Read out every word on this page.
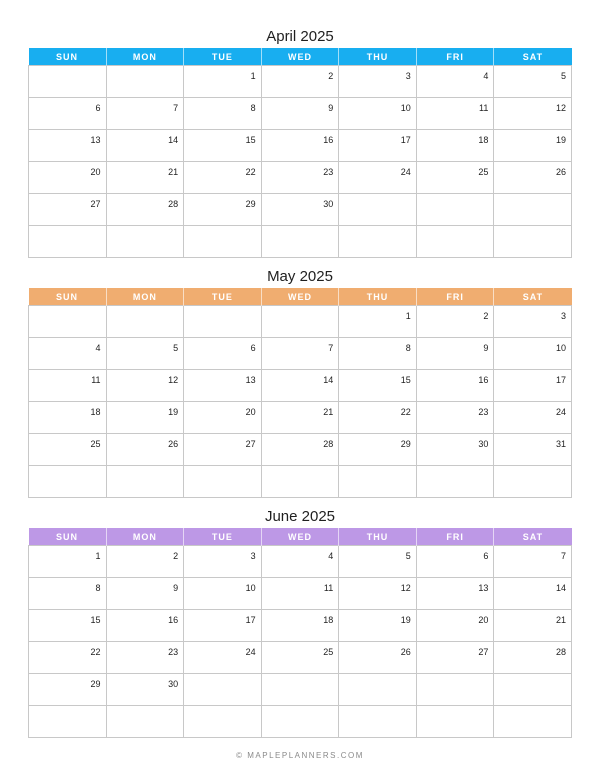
April 2025
SUN	MON	TUE	WED	THU	FRI	SAT

		1	2	3	4	5

6	7	8	9	10	11	12

13	14	15	16	17	18	19

20	21	22	23	24	25	26

27	28	29	30			

May 2025
SUN	MON	TUE	WED	THU	FRI	SAT

				1	2	3

4	5	6	7	8	9	10

11	12	13	14	15	16	17

18	19	20	21	22	23	24

25	26	27	28	29	30	31

June 2025
SUN	MON	TUE	WED	THU	FRI	SAT

1	2	3	4	5	6	7

8	9	10	11	12	13	14

15	16	17	18	19	20	21

22	23	24	25	26	27	28

29	30					

© MAPLEPLANNERS.COM
